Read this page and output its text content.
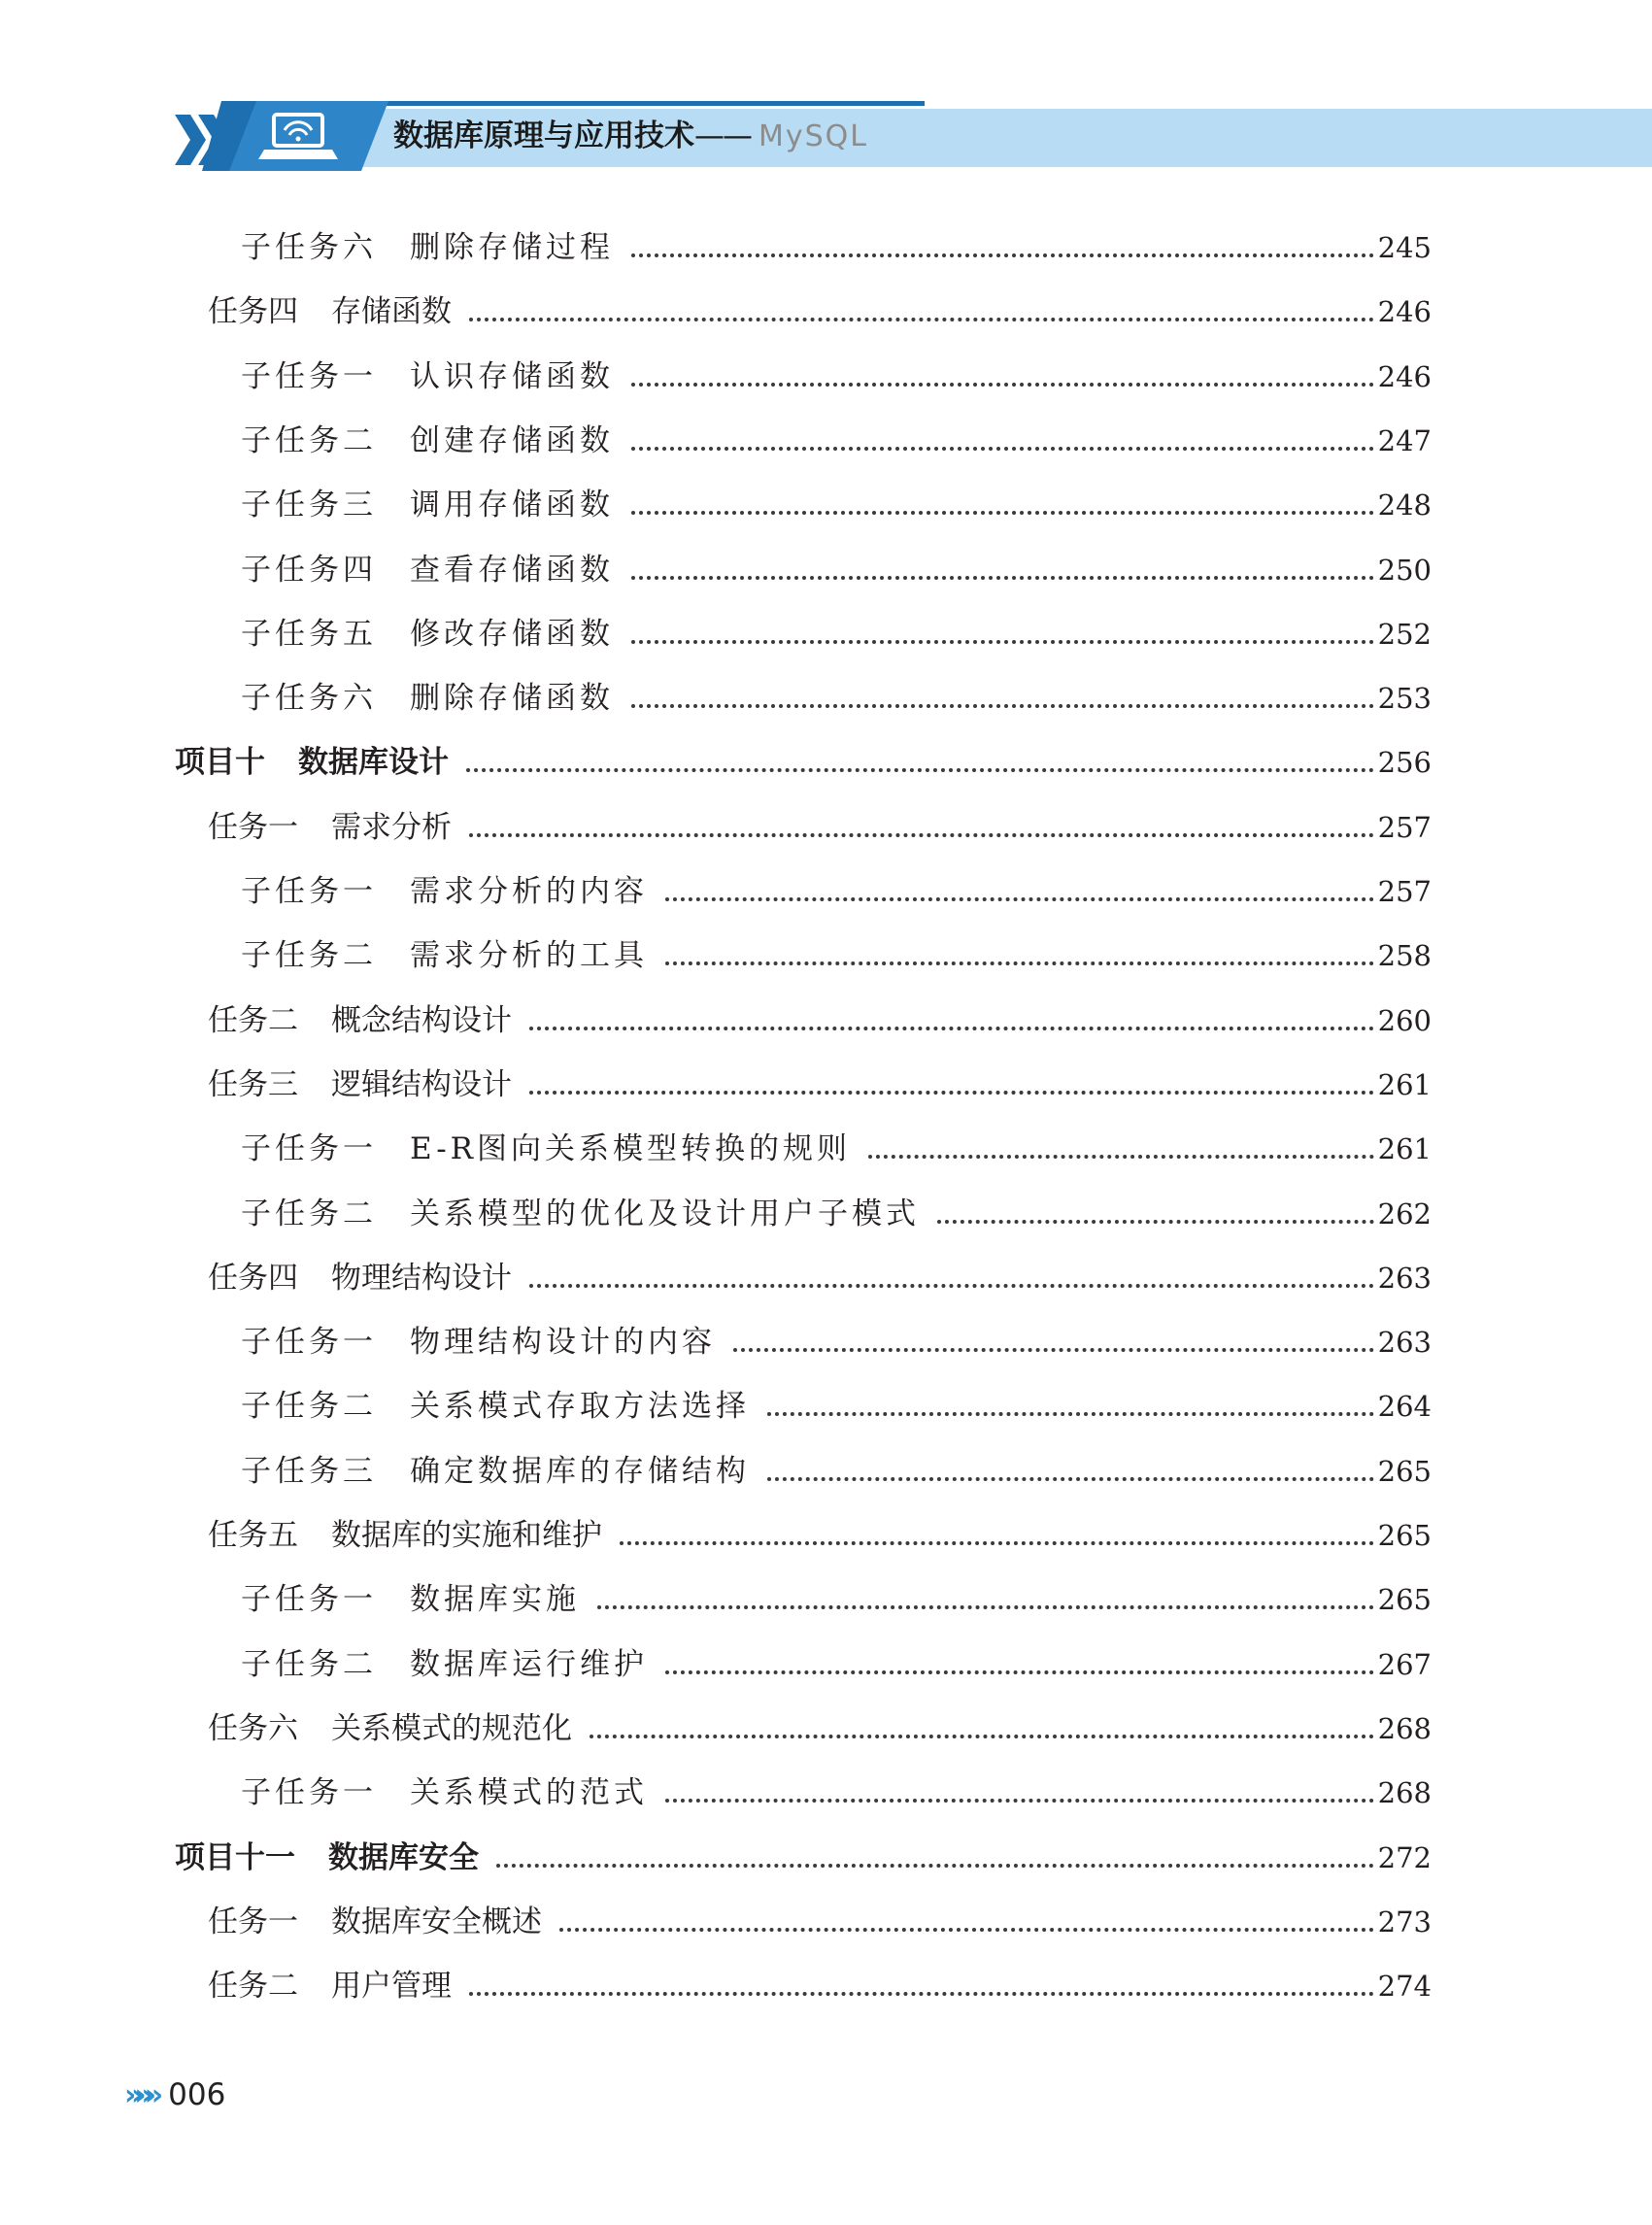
数据库原理与应用技术—— MySQL
子任务六 删除存储过程	245
任务四 存储函数	246
子任务一 认识存储函数	246
子任务二 创建存储函数	247
子任务三 调用存储函数	248
子任务四 查看存储函数	250
子任务五 修改存储函数	252
子任务六 删除存储函数	253
项目十 数据库设计	256
任务一 需求分析	257
子任务一 需求分析的内容	257
子任务二 需求分析的工具	258
任务二 概念结构设计	260
任务三 逻辑结构设计	261
子任务一 E-R图向关系模型转换的规则	261
子任务二 关系模型的优化及设计用户子模式	262
任务四 物理结构设计	263
子任务一 物理结构设计的内容	263
子任务二 关系模式存取方法选择	264
子任务三 确定数据库的存储结构	265
任务五 数据库的实施和维护	265
子任务一 数据库实施	265
子任务二 数据库运行维护	267
任务六 关系模式的规范化	268
子任务一 关系模式的范式	268
项目十一 数据库安全	272
任务一 数据库安全概述	273
任务二 用户管理	274
»»» 006
